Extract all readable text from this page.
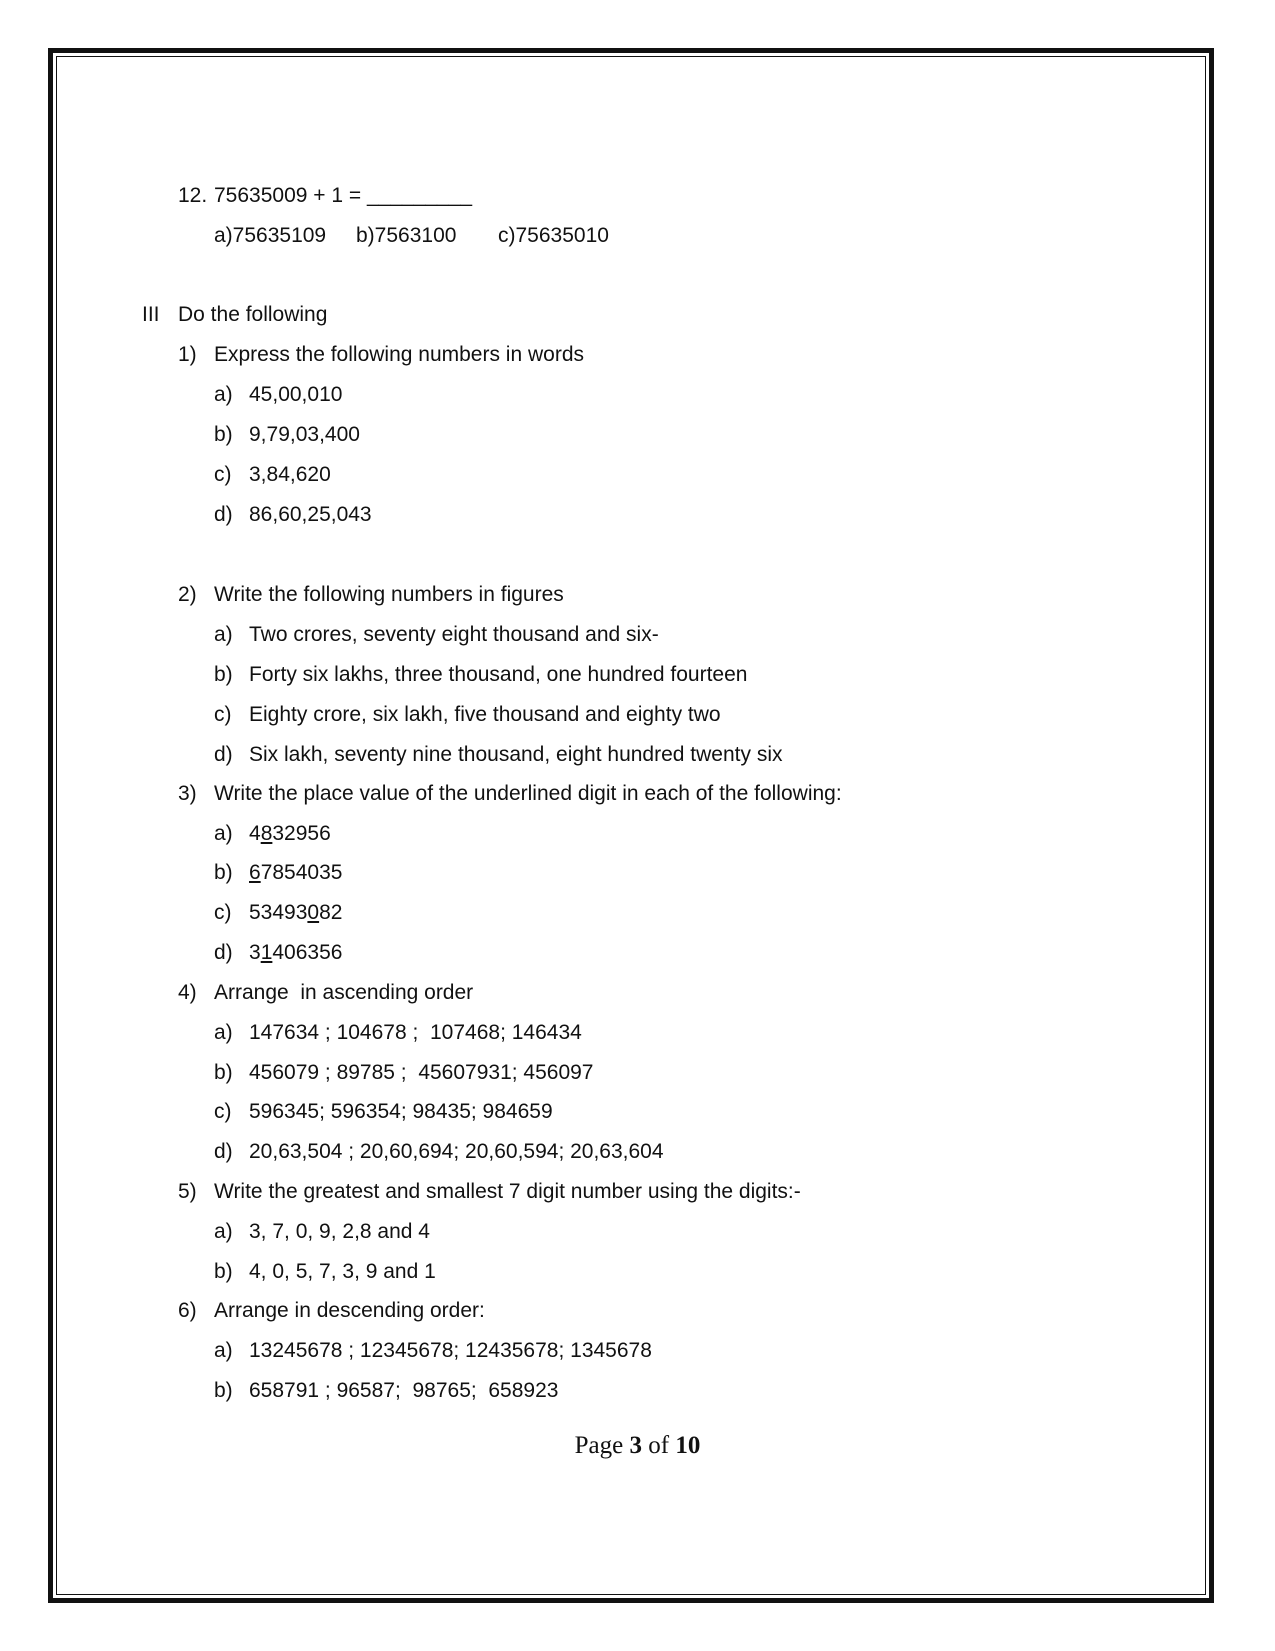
12. 75635009 + 1 = _________
a)75635109 b)7563100 c)75635010
III Do the following
1) Express the following numbers in words
a) 45,00,010
b) 9,79,03,400
c) 3,84,620
d) 86,60,25,043
2) Write the following numbers in figures
a) Two crores, seventy eight thousand and six-
b) Forty six lakhs, three thousand, one hundred fourteen
c) Eighty crore, six lakh, five thousand and eighty two
d) Six lakh, seventy nine thousand, eight hundred twenty six
3) Write the place value of the underlined digit in each of the following:
a) 4832956
b) 67854035
c) 53493082
d) 31406356
4) Arrange  in ascending order
a) 147634 ; 104678 ;  107468; 146434
b) 456079 ; 89785 ;  45607931; 456097
c) 596345; 596354; 98435; 984659
d) 20,63,504 ; 20,60,694; 20,60,594; 20,63,604
5) Write the greatest and smallest 7 digit number using the digits:-
a) 3, 7, 0, 9, 2,8 and 4
b) 4, 0, 5, 7, 3, 9 and 1
6) Arrange in descending order:
a) 13245678 ; 12345678; 12435678; 1345678
b) 658791 ; 96587;  98765;  658923
Page 3 of 10
